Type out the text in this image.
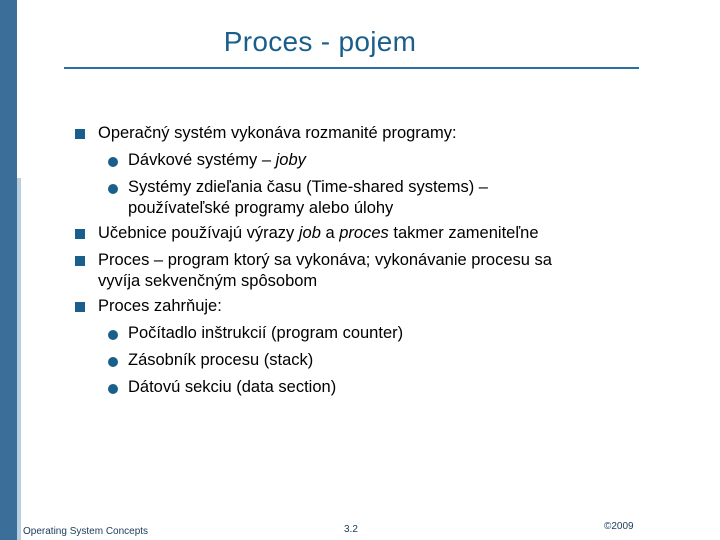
Proces - pojem
Operačný systém vykonáva rozmanité programy:
Dávkové systémy – joby
Systémy zdieľania času (Time-shared systems) –
používateľské programy alebo úlohy
Učebnice používajú výrazy job a proces takmer zameniteľne
Proces – program ktorý sa vykonáva; vykonávanie procesu sa
vyvíja sekvenčným spôsobom
Proces zahrňuje:
Počítadlo inštrukcií (program counter)
Zásobník procesu (stack)
Dátovú sekciu (data section)
Operating System Concepts	3.2	©2009
